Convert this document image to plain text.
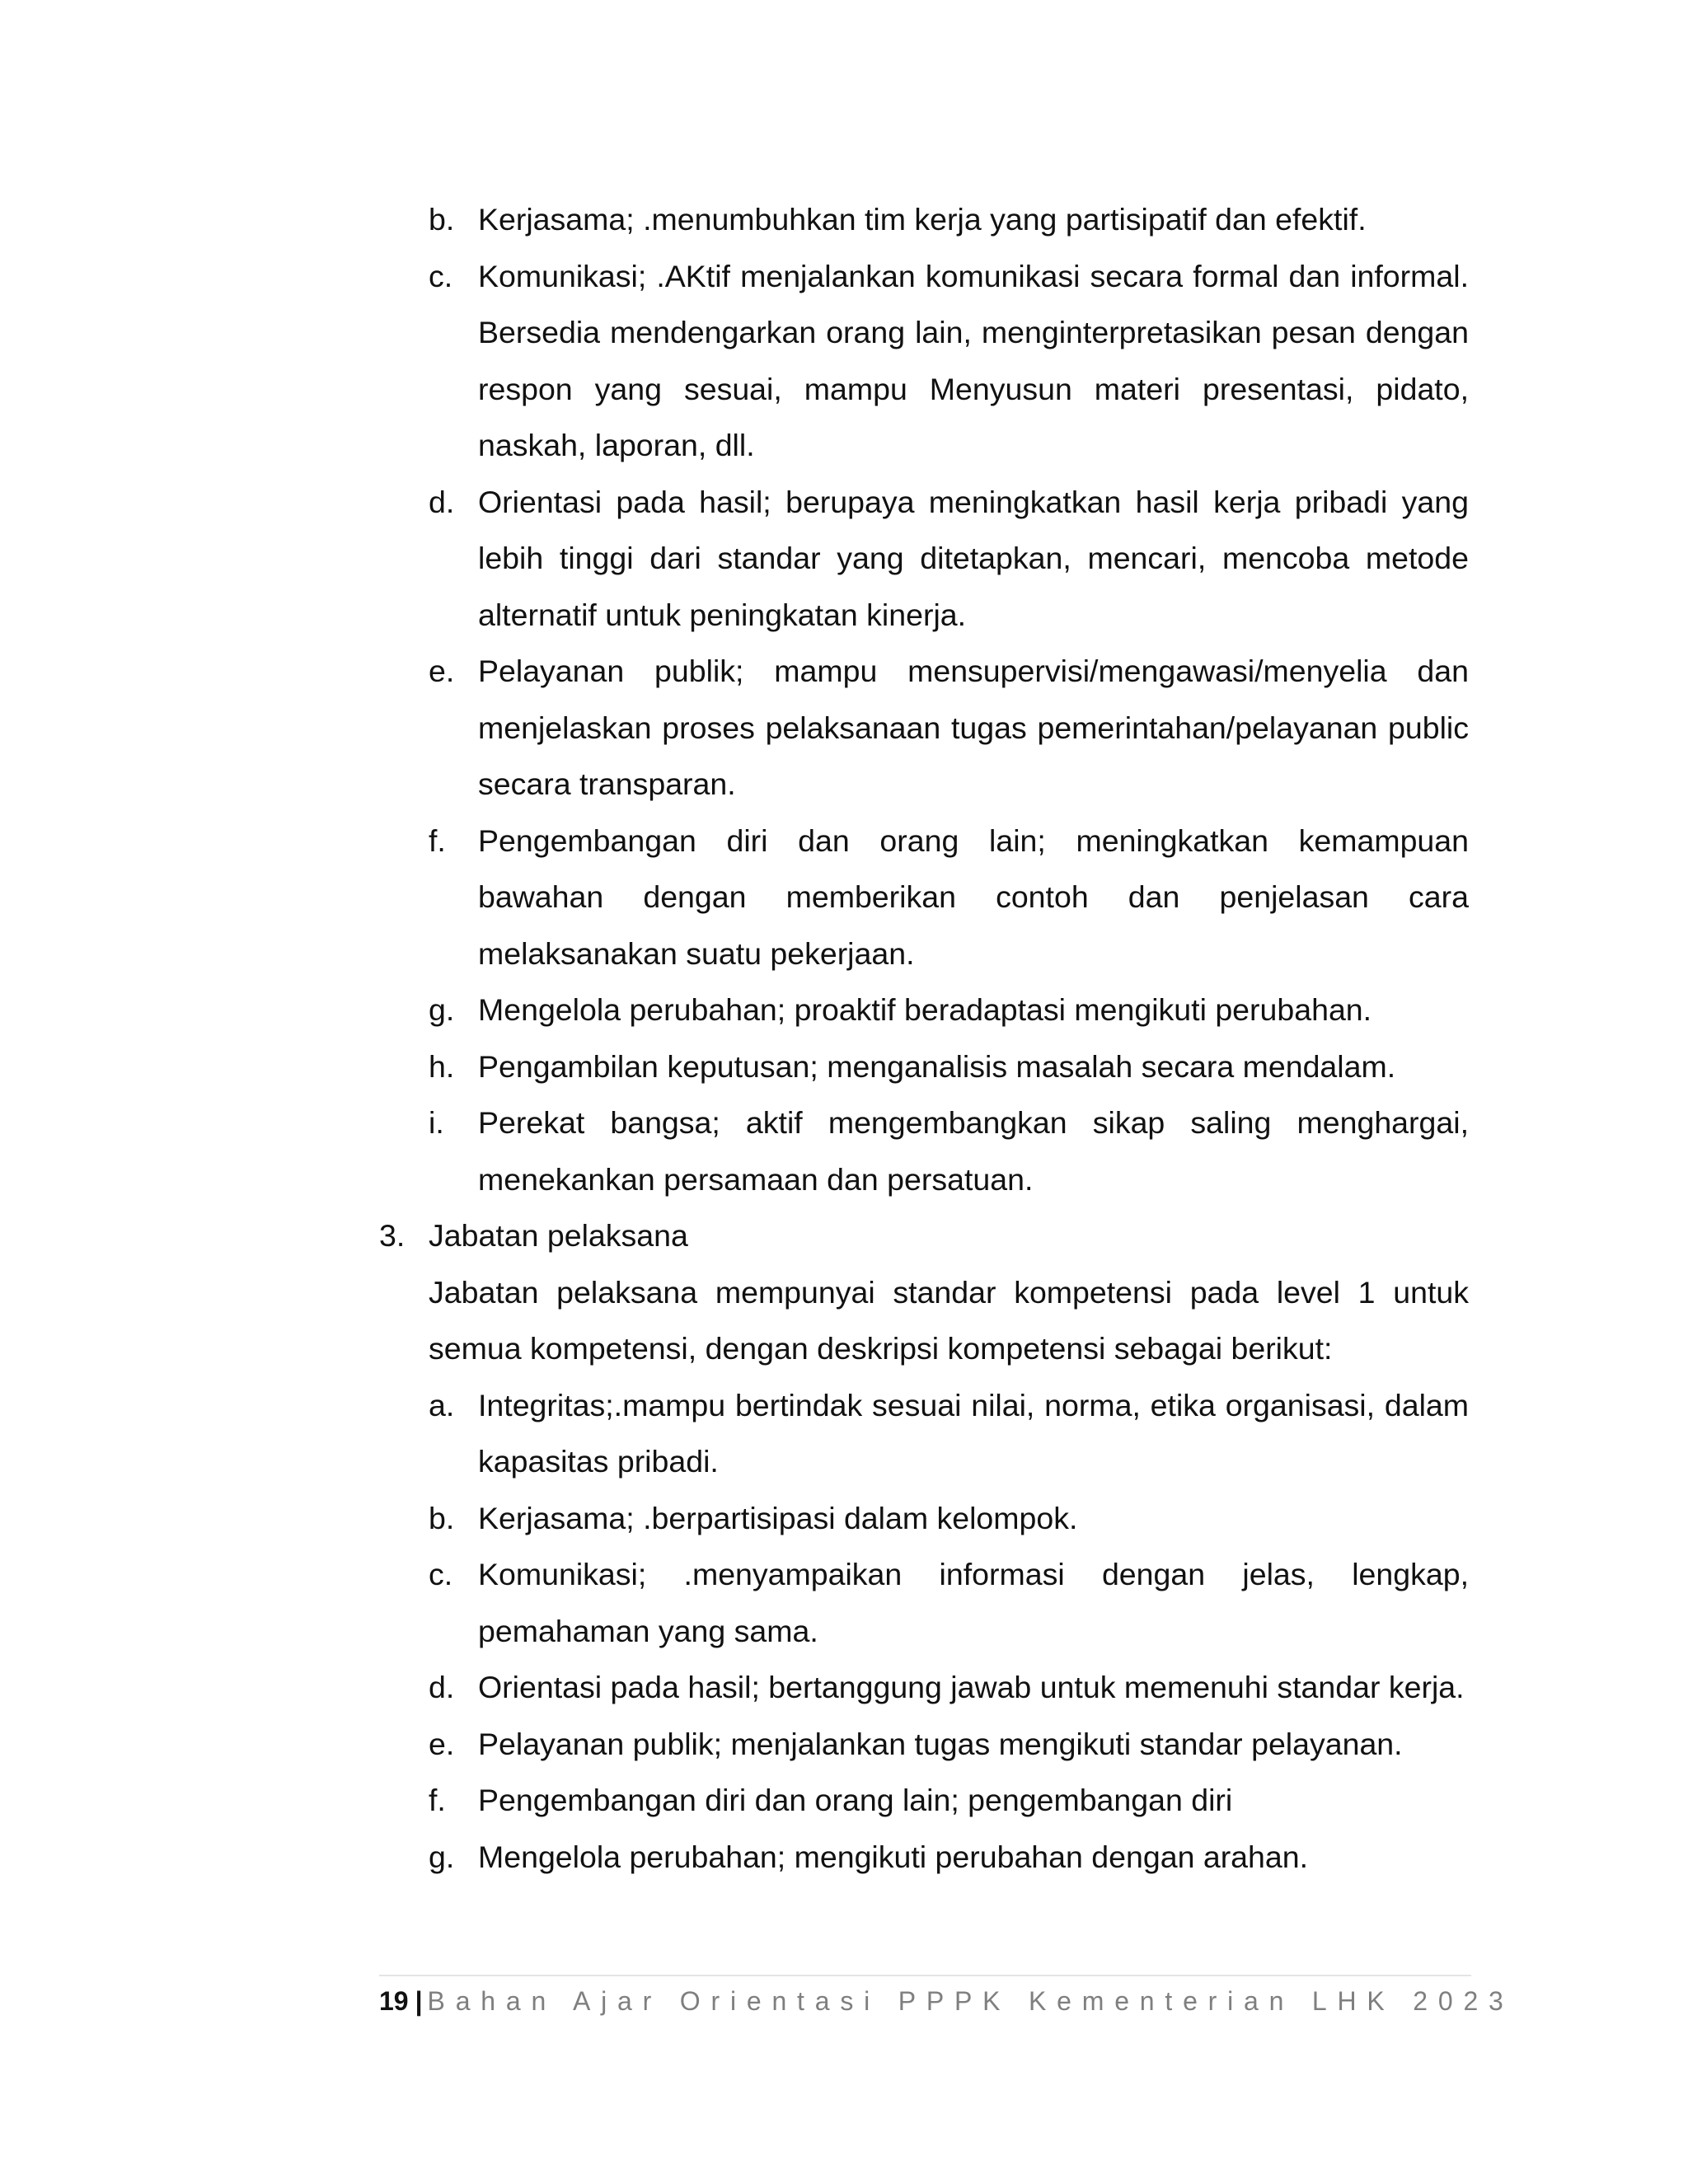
b. Kerjasama; .menumbuhkan tim kerja yang partisipatif dan efektif.
c. Komunikasi; .AKtif menjalankan komunikasi secara formal dan informal. Bersedia mendengarkan orang lain, menginterpretasikan pesan dengan respon yang sesuai, mampu Menyusun materi presentasi, pidato, naskah, laporan, dll.
d. Orientasi pada hasil; berupaya meningkatkan hasil kerja pribadi yang lebih tinggi dari standar yang ditetapkan, mencari, mencoba metode alternatif untuk peningkatan kinerja.
e. Pelayanan publik; mampu mensupervisi/mengawasi/menyelia dan menjelaskan proses pelaksanaan tugas pemerintahan/pelayanan public secara transparan.
f.	Pengembangan diri dan orang lain; meningkatkan kemampuan bawahan dengan memberikan contoh dan penjelasan cara melaksanakan suatu pekerjaan.
g. Mengelola perubahan; proaktif beradaptasi mengikuti perubahan.
h. Pengambilan keputusan; menganalisis masalah secara mendalam.
i.	Perekat bangsa; aktif mengembangkan sikap saling menghargai, menekankan persamaan dan persatuan.
3. Jabatan pelaksana
Jabatan pelaksana mempunyai standar kompetensi pada level 1 untuk semua kompetensi, dengan deskripsi kompetensi sebagai berikut:
a. Integritas;.mampu bertindak sesuai nilai, norma, etika organisasi, dalam kapasitas pribadi.
b. Kerjasama; .berpartisipasi dalam kelompok.
c. Komunikasi; .menyampaikan informasi dengan jelas, lengkap, pemahaman yang sama.
d. Orientasi pada hasil; bertanggung jawab untuk memenuhi standar kerja.
e. Pelayanan publik; menjalankan tugas mengikuti standar pelayanan.
f.	Pengembangan diri dan orang lain; pengembangan diri
g. Mengelola perubahan; mengikuti perubahan dengan arahan.
19 | Bahan Ajar Orientasi PPPK Kementerian LHK 2023
